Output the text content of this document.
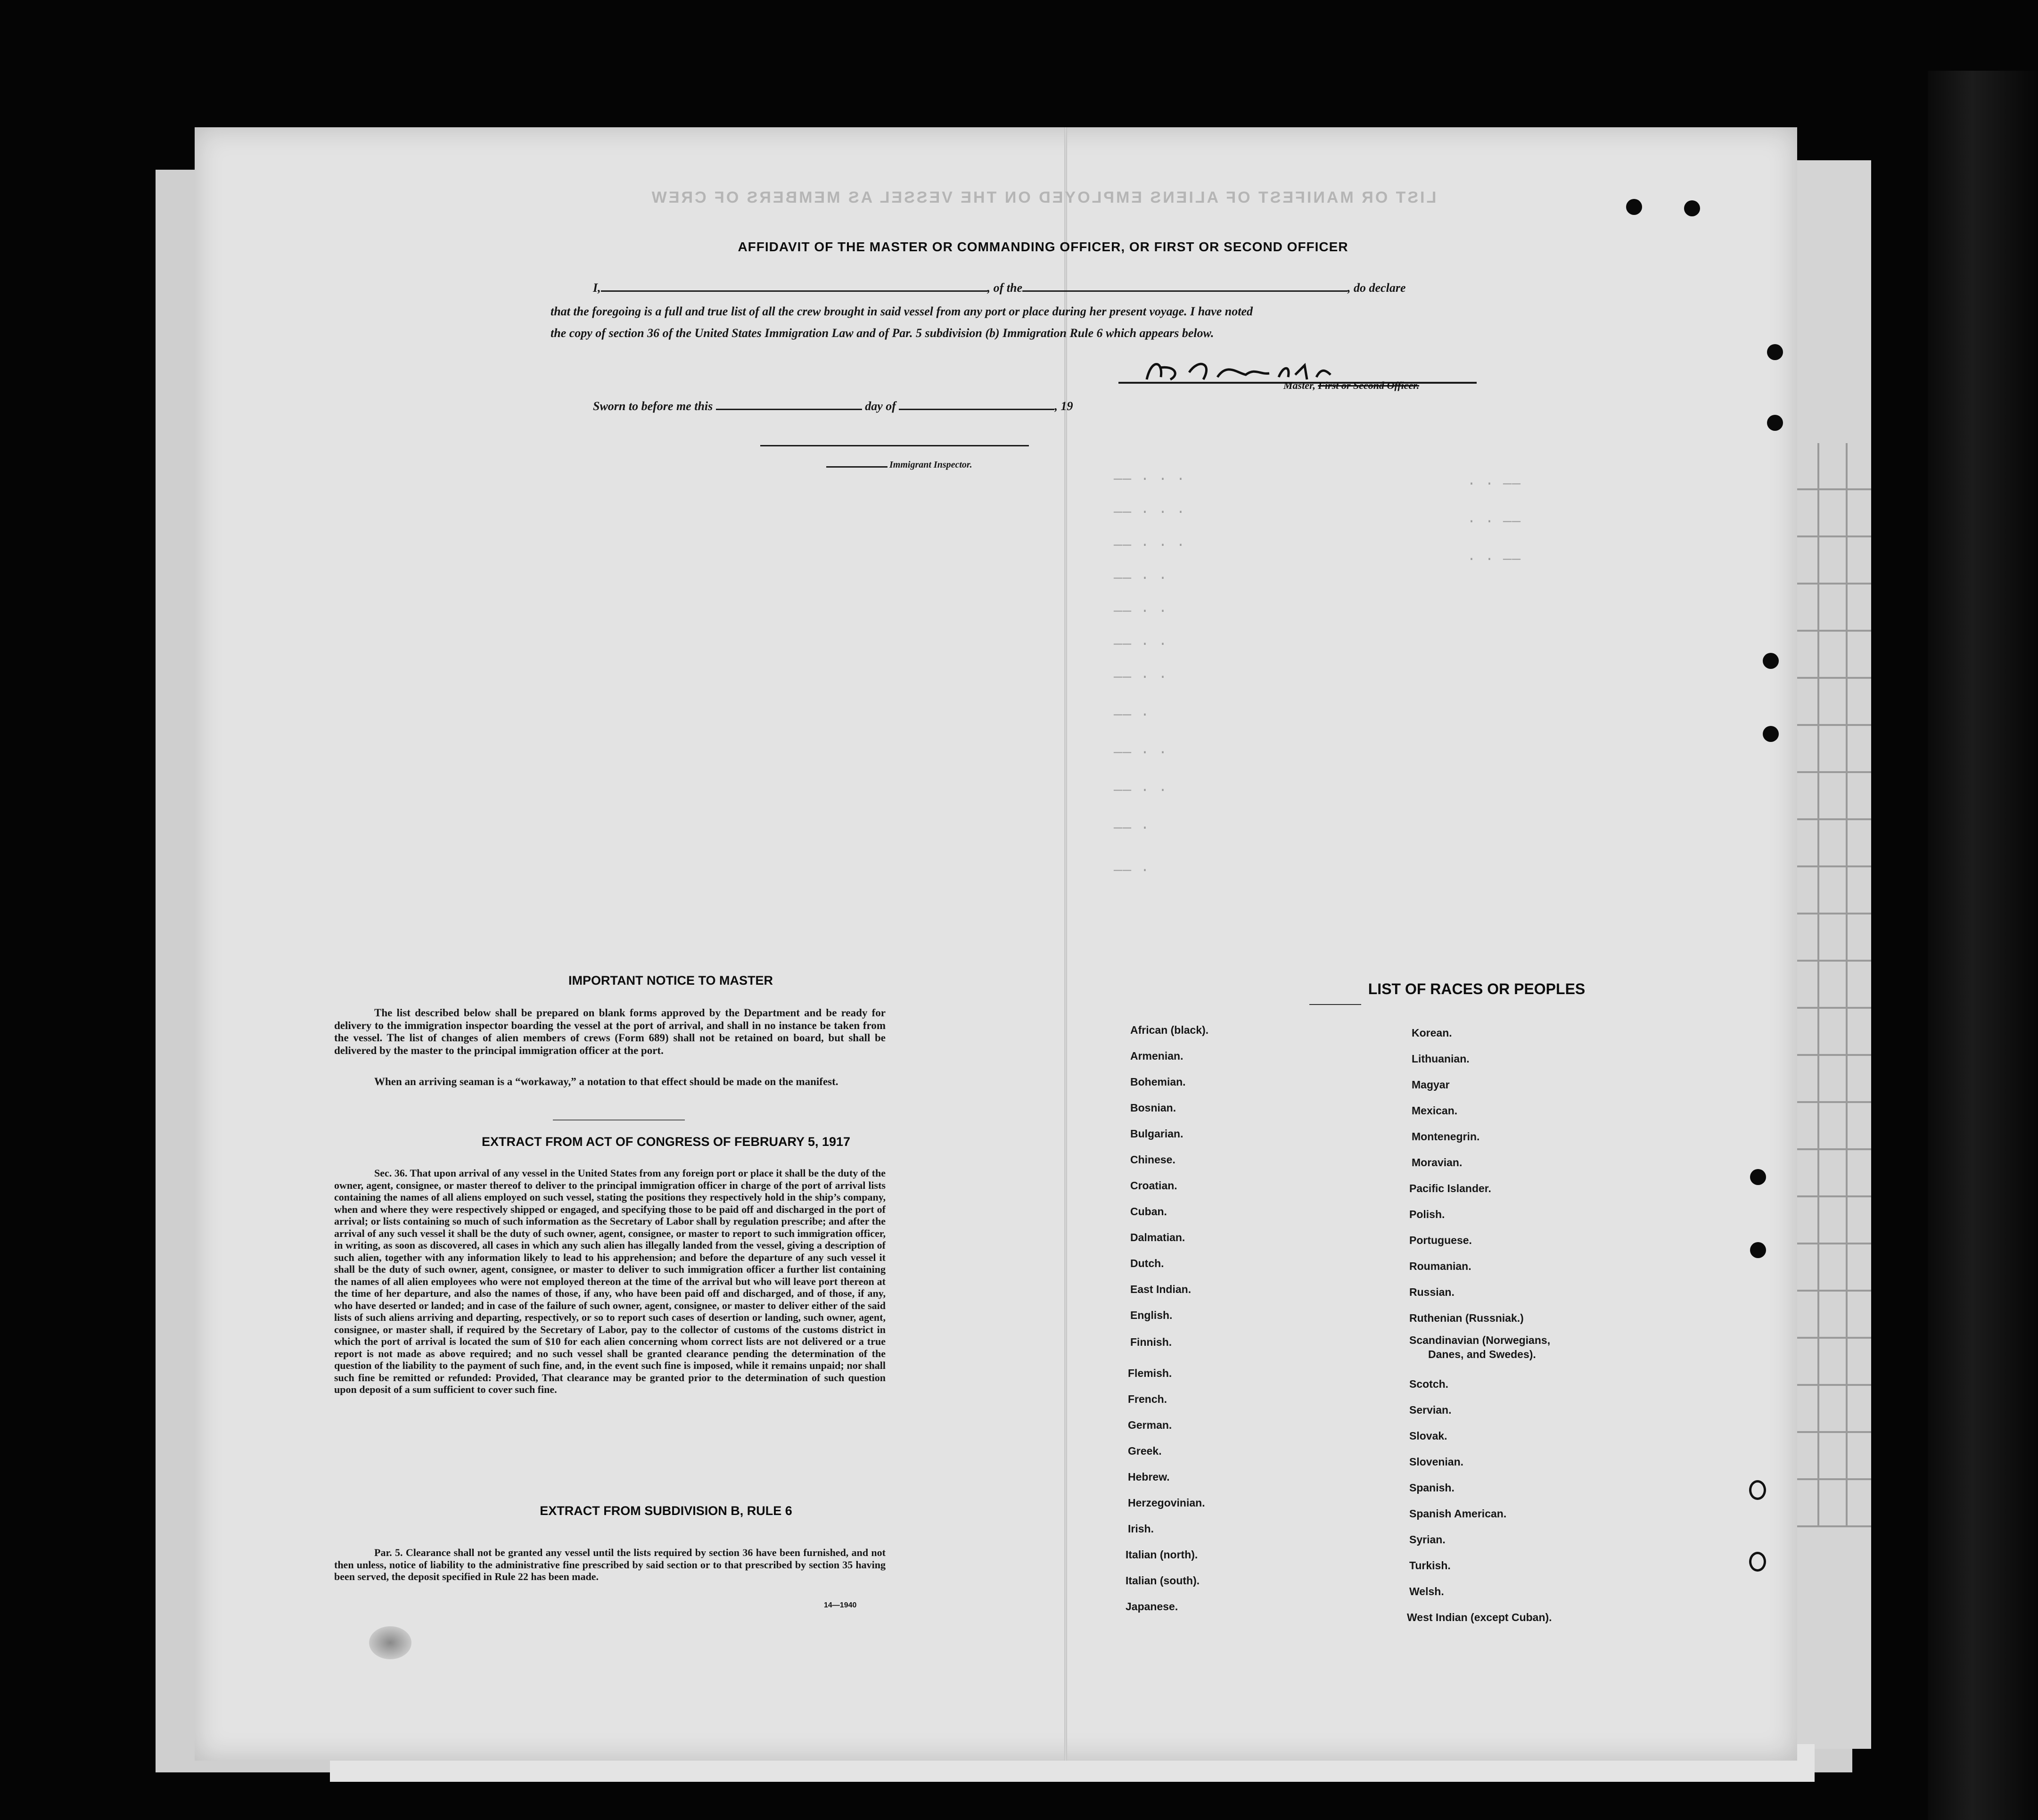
LIST OR MANIFEST OF ALIENS EMPLOYED ON THE VESSEL AS MEMBERS OF CREW
—— · · ·
—— · · ·
—— · · ·
—— · ·
—— · ·
—— · ·
—— · ·
—— ·
—— · ·
—— · ·
—— ·
—— ·
· · ——
· · ——
· · ——
AFFIDAVIT OF THE MASTER OR COMMANDING OFFICER, OR FIRST OR SECOND OFFICER
I,	, of the	, do declare
that the foregoing is a full and true list of all the crew brought in said vessel from any port or place during her present voyage. I have noted
the copy of section 36 of the United States Immigration Law and of Par. 5 subdivision (b) Immigration Rule 6 which appears below.
Master, First or Second Officer.
Sworn to before me this	day of	, 19
Immigrant Inspector.
IMPORTANT NOTICE TO MASTER
The list described below shall be prepared on blank forms approved by the Department and be ready for delivery to the immigration inspector boarding the vessel at the port of arrival, and shall in no instance be taken from the vessel. The list of changes of alien members of crews (Form 689) shall not be retained on board, but shall be delivered by the master to the principal immigration officer at the port.
When an arriving seaman is a “workaway,” a notation to that effect should be made on the manifest.
EXTRACT FROM ACT OF CONGRESS OF FEBRUARY 5, 1917
Sec. 36. That upon arrival of any vessel in the United States from any foreign port or place it shall be the duty of the owner, agent, consignee, or master thereof to deliver to the principal immigration officer in charge of the port of arrival lists containing the names of all aliens employed on such vessel, stating the positions they respectively hold in the ship’s company, when and where they were respectively shipped or engaged, and specifying those to be paid off and discharged in the port of arrival; or lists containing so much of such information as the Secretary of Labor shall by regulation prescribe; and after the arrival of any such vessel it shall be the duty of such owner, agent, consignee, or master to report to such immigration officer, in writing, as soon as discovered, all cases in which any such alien has illegally landed from the vessel, giving a description of such alien, together with any information likely to lead to his apprehension; and before the departure of any such vessel it shall be the duty of such owner, agent, consignee, or master to deliver to such immigration officer a further list containing the names of all alien employees who were not employed thereon at the time of the arrival but who will leave port thereon at the time of her departure, and also the names of those, if any, who have been paid off and discharged, and of those, if any, who have deserted or landed; and in case of the failure of such owner, agent, consignee, or master to deliver either of the said lists of such aliens arriving and departing, respectively, or so to report such cases of desertion or landing, such owner, agent, consignee, or master shall, if required by the Secretary of Labor, pay to the collector of customs of the customs district in which the port of arrival is located the sum of $10 for each alien concerning whom correct lists are not delivered or a true report is not made as above required; and no such vessel shall be granted clearance pending the determination of the question of the liability to the payment of such fine, and, in the event such fine is imposed, while it remains unpaid; nor shall such fine be remitted or refunded: Provided, That clearance may be granted prior to the determination of such question upon deposit of a sum sufficient to cover such fine.
EXTRACT FROM SUBDIVISION B, RULE 6
Par. 5. Clearance shall not be granted any vessel until the lists required by section 36 have been furnished, and not then unless, notice of liability to the administrative fine prescribed by said section or to that prescribed by section 35 having been served, the deposit specified in Rule 22 has been made.
14—1940
LIST OF RACES OR PEOPLES
African (black).
Armenian.
Bohemian.
Bosnian.
Bulgarian.
Chinese.
Croatian.
Cuban.
Dalmatian.
Dutch.
East Indian.
English.
Finnish.
Flemish.
French.
German.
Greek.
Hebrew.
Herzegovinian.
Irish.
Italian (north).
Italian (south).
Japanese.
Korean.
Lithuanian.
Magyar
Mexican.
Montenegrin.
Moravian.
Pacific Islander.
Polish.
Portuguese.
Roumanian.
Russian.
Ruthenian (Russniak.)
Scandinavian (Norwegians,
Danes, and Swedes).
Scotch.
Servian.
Slovak.
Slovenian.
Spanish.
Spanish American.
Syrian.
Turkish.
Welsh.
West Indian (except Cuban).
